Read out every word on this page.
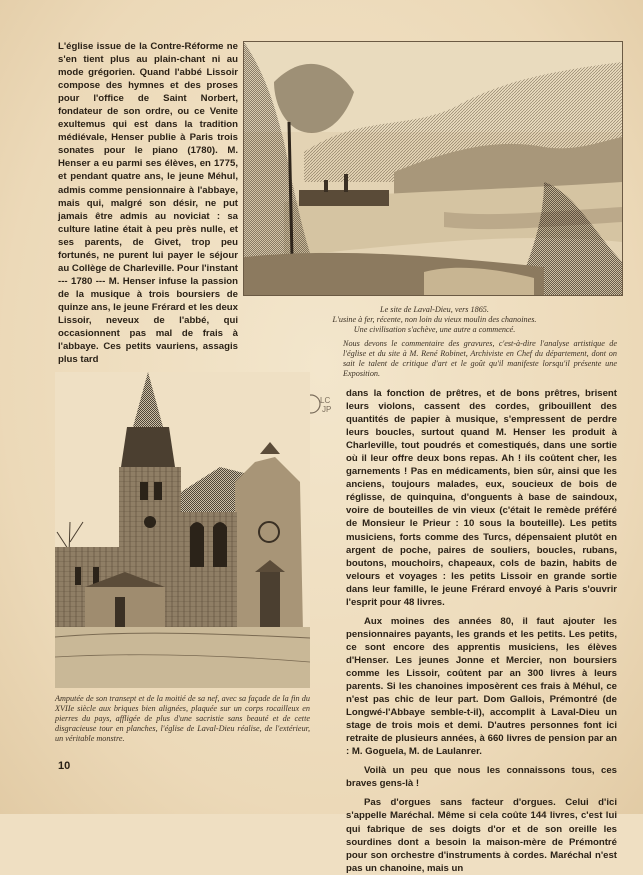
L'église issue de la Contre-Réforme ne s'en tient plus au plain-chant ni au mode grégorien. Quand l'abbé Lissoir compose des hymnes et des proses pour l'office de Saint Norbert, fondateur de son ordre, ou ce Venite exultemus qui est dans la tradition médiévale, Henser publie à Paris trois sonates pour le piano (1780). M. Henser a eu parmi ses élèves, en 1775, et pendant quatre ans, le jeune Méhul, admis comme pensionnaire à l'abbaye, mais qui, malgré son désir, ne put jamais être admis au noviciat : sa culture latine était à peu près nulle, et ses parents, de Givet, trop peu fortunés, ne purent lui payer le séjour au Collège de Charleville. Pour l'instant --- 1780 --- M. Henser infuse la passion de la musique à trois boursiers de quinze ans, le jeune Frérard et les deux Lissoir, neveux de l'abbé, qui occasionnent pas mal de frais à l'abbaye. Ces petits vauriens, assagis plus tard

Le site de Laval-Dieu, vers 1865.

L'usine à fer, récente, non loin du vieux moulin des chanoines.

Une civilisation s'achève, une autre a commencé.

Nous devons le commentaire des gravures, c'est-à-dire l'analyse artistique de l'église et du site à M. René Robinet, Archiviste en Chef du département, dont on sait le talent de critique d'art et le goût qu'il manifeste lorsqu'il présente une Exposition.
LC
JP

dans la fonction de prêtres, et de bons prêtres, brisent leurs violons, cassent des cordes, gribouillent des quantités de papier à musique, s'empressent de perdre leurs boucles, surtout quand M. Henser les produit à Charleville, tout poudrés et comestiqués, dans une sortie où il leur offre deux bons repas. Ah ! ils coûtent cher, les garnements ! Pas en médicaments, bien sûr, ainsi que les anciens, toujours malades, eux, soucieux de bois de réglisse, de quinquina, d'onguents à base de saindoux, voire de bouteilles de vin vieux (c'était le remède préféré de Monsieur le Prieur : 10 sous la bouteille). Les petits musiciens, forts comme des Turcs, dépensaient plutôt en argent de poche, paires de souliers, boucles, rubans, boutons, mouchoirs, chapeaux, cols de bazin, habits de velours et voyages : les petits Lissoir en grande sortie dans leur famille, le jeune Frérard envoyé à Paris s'ouvrir l'esprit pour 48 livres.

Aux moines des années 80, il faut ajouter les pensionnaires payants, les grands et les petits. Les petits, ce sont encore des apprentis musiciens, les élèves d'Henser. Les jeunes Jonne et Mercier, non boursiers comme les Lissoir, coûtent par an 300 livres à leurs parents. Si les chanoines imposèrent ces frais à Méhul, ce n'est pas chic de leur part. Dom Gallois, Prémontré (de Longwé-l'Abbaye semble-t-il), accomplit à Laval-Dieu un stage de trois mois et demi. D'autres personnes font ici retraite de plusieurs années, à 660 livres de pension par an : M. Goguela, M. de Laulanrer.

Voilà un peu que nous les connaissons tous, ces braves gens-là !

Pas d'orgues sans facteur d'orgues. Celui d'ici s'appelle Maréchal. Même si cela coûte 144 livres, c'est lui qui fabrique de ses doigts d'or et de son oreille les sourdines dont a besoin la maison-mère de Prémontré pour son orchestre d'instruments à cordes. Maréchal n'est pas un chanoine, mais un

Amputée de son transept et de la moitié de sa nef, avec sa façade de la fin du XVIIe siècle aux briques bien alignées, plaquée sur un corps rocailleux en pierres du pays, affligée de plus d'une sacristie sans beauté et de cette disgracieuse tour en planches, l'église de Laval-Dieu réalise, de l'extérieur, un véritable monstre.
10
